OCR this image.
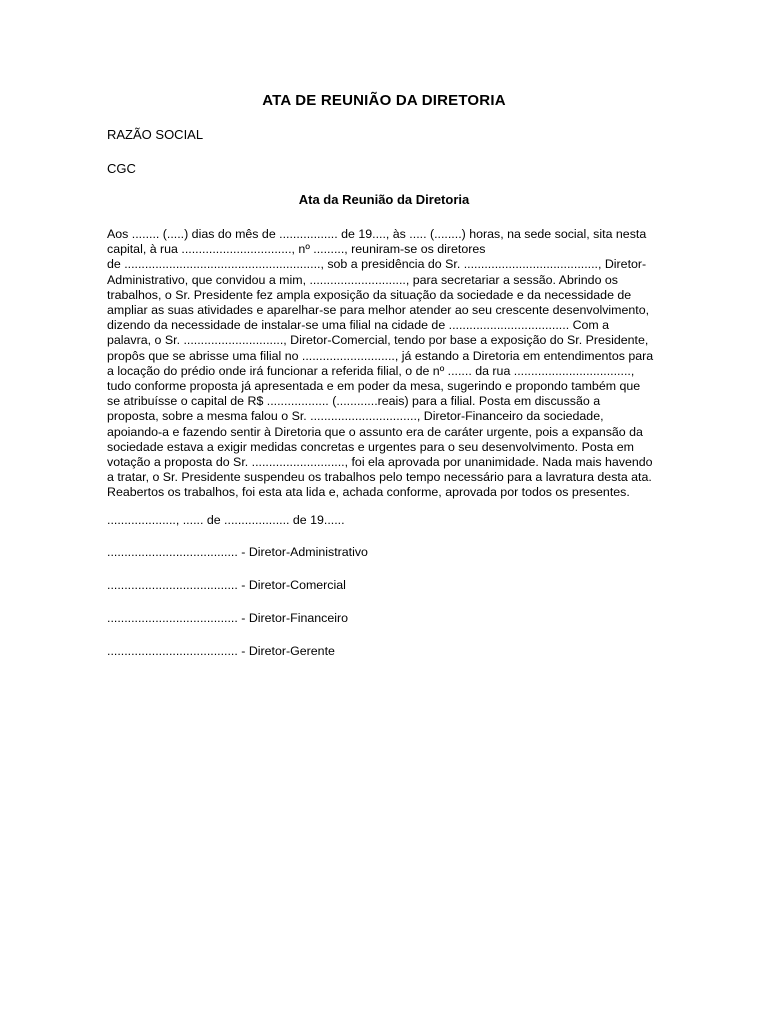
ATA DE REUNIÃO DA DIRETORIA

RAZÃO SOCIAL

CGC

Ata da Reunião da Diretoria
Aos ........ (.....) dias do mês de ................. de 19...., às ..... (........) horas, na sede social, sita nesta
capital, à rua ................................, nº ........., reuniram-se os diretores
de ........................................................., sob a presidência do Sr. ......................................., Diretor-
Administrativo, que convidou a mim, ............................, para secretariar a sessão. Abrindo os
trabalhos, o Sr. Presidente fez ampla exposição da situação da sociedade e da necessidade de
ampliar as suas atividades e aparelhar-se para melhor atender ao seu crescente desenvolvimento,
dizendo da necessidade de instalar-se uma filial na cidade de ................................... Com a
palavra, o Sr. ............................., Diretor-Comercial, tendo por base a exposição do Sr. Presidente,
propôs que se abrisse uma filial no ..........................., já estando a Diretoria em entendimentos para
a locação do prédio onde irá funcionar a referida filial, o de nº ....... da rua ..................................,
tudo conforme proposta já apresentada e em poder da mesa, sugerindo e propondo também que
se atribuísse o capital de R$ .................. (............reais) para a filial. Posta em discussão a
proposta, sobre a mesma falou o Sr. ..............................., Diretor-Financeiro da sociedade,
apoiando-a e fazendo sentir à Diretoria que o assunto era de caráter urgente, pois a expansão da
sociedade estava a exigir medidas concretas e urgentes para o seu desenvolvimento. Posta em
votação a proposta do Sr. ..........................., foi ela aprovada por unanimidade. Nada mais havendo
a tratar, o Sr. Presidente suspendeu os trabalhos pelo tempo necessário para a lavratura desta ata.
Reabertos os trabalhos, foi esta ata lida e, achada conforme, aprovada por todos os presentes.

...................., ...... de ................... de 19......

...................................... - Diretor-Administrativo

...................................... - Diretor-Comercial

...................................... - Diretor-Financeiro

...................................... - Diretor-Gerente
